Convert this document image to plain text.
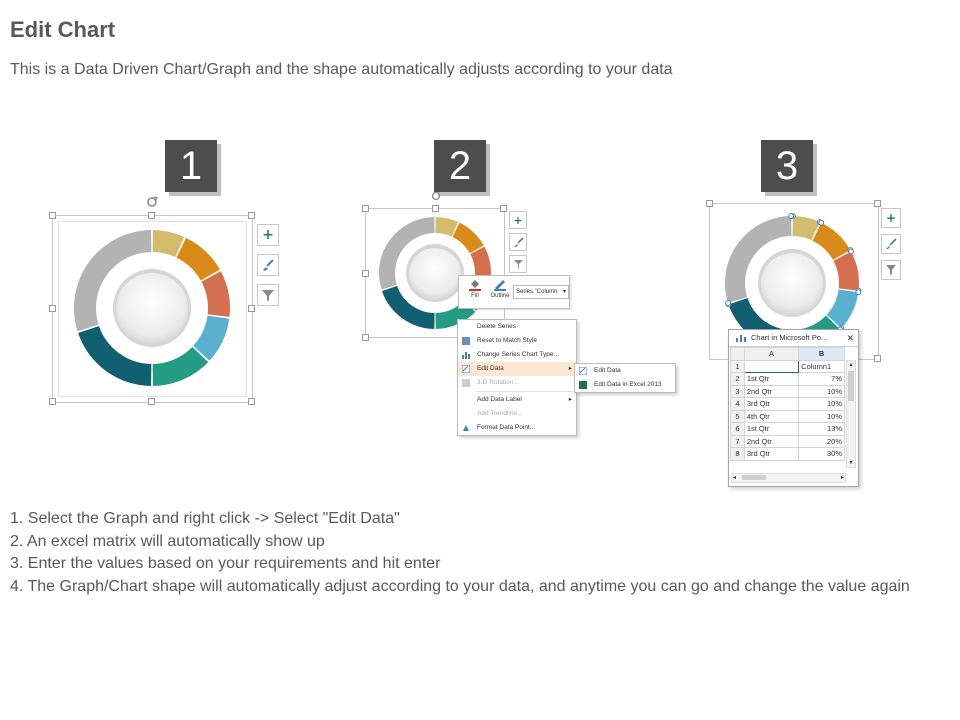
Edit Chart
This is a Data Driven Chart/Graph and the shape automatically adjusts according to your data
1	2	3
+
+
Fill	Outline
Series "Column ▾
Delete Series
Reset to Match Style
Change Series Chart Type...
Edit Data	▸
3-D Rotation...
Add Data Label	▸
Add Trendline...
Format Data Point...
Edit Data
Edit Data in Excel 2013
+
Chart in Microsoft Po... ✕
	A	B
1		Column1
2	1st Qtr	7%
3	2nd Qtr	10%
4	3rd Qtr	10%
5	4th Qtr	10%
6	1st Qtr	13%
7	2nd Qtr	20%
8	3rd Qtr	30%
▴
▾
◂	▸
1. Select the Graph and right click -> Select "Edit Data"
2. An excel matrix will automatically show up
3. Enter the values based on your requirements and hit enter
4. The Graph/Chart shape will automatically adjust according to your data, and anytime you can go and change the value again
